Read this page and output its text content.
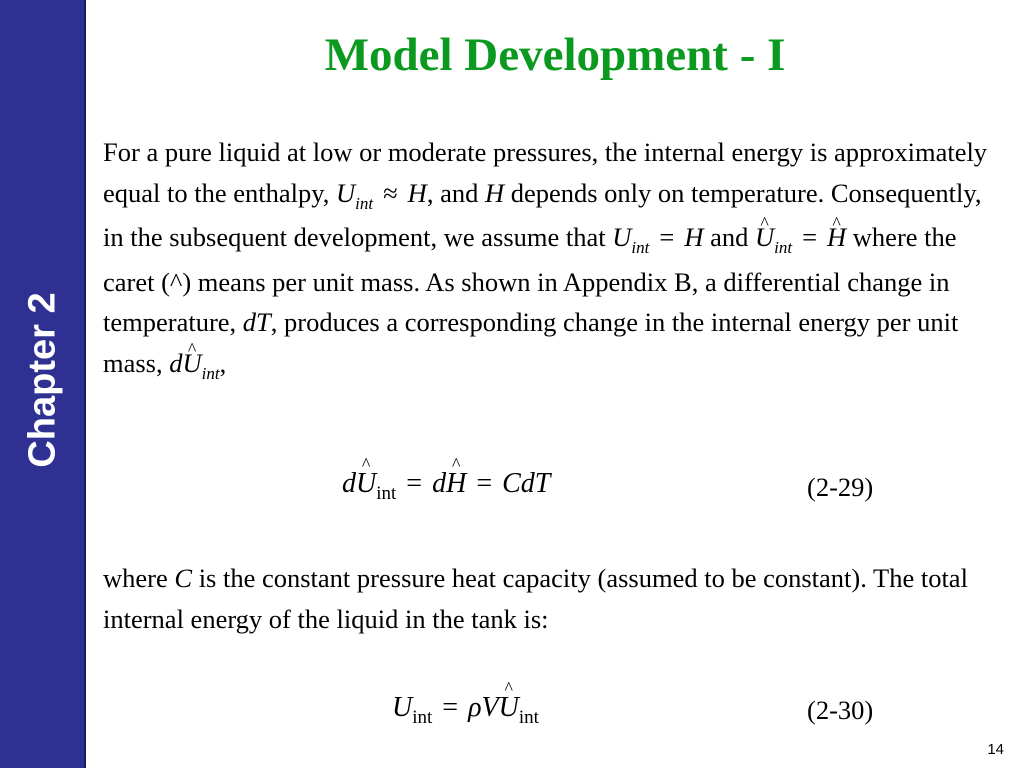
Chapter 2
Model Development - I
For a pure liquid at low or moderate pressures, the internal energy is approximately equal to the enthalpy, $U_{int} \approx H$, and H depends only on temperature. Consequently, in the subsequent development, we assume that $U_{int} = H$ and ^ $U_{int}$ =^ H where the caret (^) means per unit mass. As shown in Appendix B, a differential change in temperature, dT, produces a corresponding change in the internal energy per unit mass, d^ $U_{int}$,
d^ $U_{int}$ = d^ H = CdT	(2-29)
where C is the constant pressure heat capacity (assumed to be constant). The total internal energy of the liquid in the tank is:
$U_{int}$ = ρV^ $U_{int}$	(2-30)
14
